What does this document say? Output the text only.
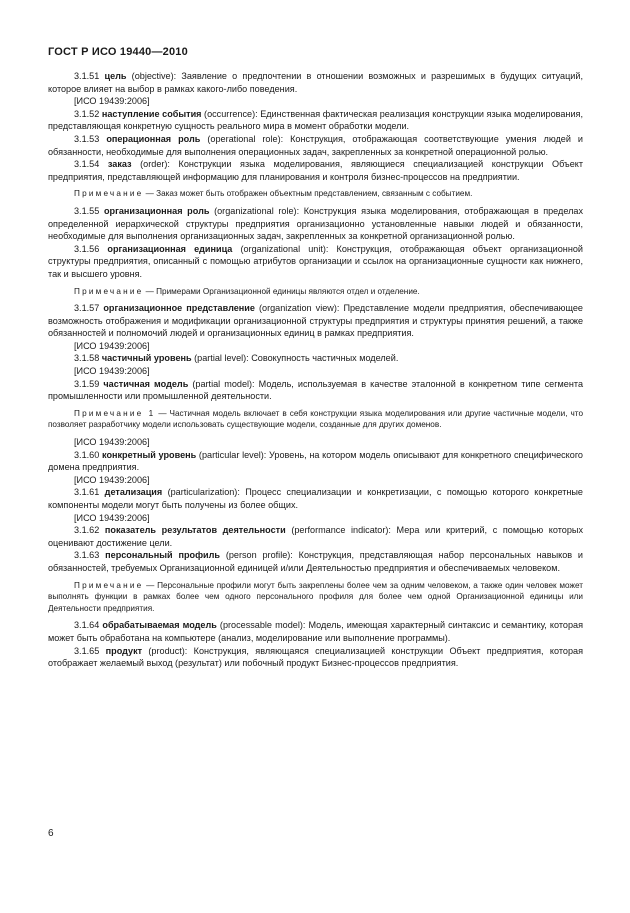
ГОСТ Р ИСО 19440—2010

3.1.51 цель (objective): Заявление о предпочтении в отношении возможных и разрешимых в будущих ситуаций, которое влияет на выбор в рамках какого-либо поведения.

[ИСО 19439:2006]

3.1.52 наступление события (occurrence): Единственная фактическая реализация конструкции языка моделирования, представляющая конкретную сущность реального мира в момент обработки модели.

3.1.53 операционная роль (operational role): Конструкция, отображающая соответствующие умения людей и обязанности, необходимые для выполнения операционных задач, закрепленных за конкретной операционной ролью.

3.1.54 заказ (order): Конструкции языка моделирования, являющиеся специализацией конструкции Объект предприятия, представляющей информацию для планирования и контроля бизнес-процессов на предприятии.

Примечание — Заказ может быть отображен объектным представлением, связанным с событием.

3.1.55 организационная роль (organizational role): Конструкция языка моделирования, отображающая в пределах определенной иерархической структуры предприятия организационно установленные навыки людей и обязанности, необходимые для выполнения организационных задач, закрепленных за конкретной организационной ролью.

3.1.56 организационная единица (organizational unit): Конструкция, отображающая объект организационной структуры предприятия, описанный с помощью атрибутов организации и ссылок на организационные сущности как нижнего, так и высшего уровня.

Примечание — Примерами Организационной единицы являются отдел и отделение.

3.1.57 организационное представление (organization view): Представление модели предприятия, обеспечивающее возможность отображения и модификации организационной структуры предприятия и структуры принятия решений, а также обязанностей и полномочий людей и организационных единиц в рамках предприятия.

[ИСО 19439:2006]

3.1.58 частичный уровень (partial level): Совокупность частичных моделей.

[ИСО 19439:2006]

3.1.59 частичная модель (partial model): Модель, используемая в качестве эталонной в конкретном типе сегмента промышленности или промышленной деятельности.

Примечание 1 — Частичная модель включает в себя конструкции языка моделирования или другие частичные модели, что позволяет разработчику модели использовать существующие модели, созданные для других доменов.

[ИСО 19439:2006]

3.1.60 конкретный уровень (particular level): Уровень, на котором модель описывают для конкретного специфического домена предприятия.

[ИСО 19439:2006]

3.1.61 детализация (particularization): Процесс специализации и конкретизации, с помощью которого конкретные компоненты модели могут быть получены из более общих.

[ИСО 19439:2006]

3.1.62 показатель результатов деятельности (performance indicator): Мера или критерий, с помощью которых оценивают достижение цели.

3.1.63 персональный профиль (person profile): Конструкция, представляющая набор персональных навыков и обязанностей, требуемых Организационной единицей и/или Деятельностью предприятия и обеспечиваемых человеком.

Примечание — Персональные профили могут быть закреплены более чем за одним человеком, а также один человек может выполнять функции в рамках более чем одного персонального профиля для более чем одной Организационной единицы или Деятельности предприятия.

3.1.64 обрабатываемая модель (processable model): Модель, имеющая характерный синтаксис и семантику, которая может быть обработана на компьютере (анализ, моделирование или выполнение программы).

3.1.65 продукт (product): Конструкция, являющаяся специализацией конструкции Объект предприятия, которая отображает желаемый выход (результат) или побочный продукт Бизнес-процессов предприятия.

6
